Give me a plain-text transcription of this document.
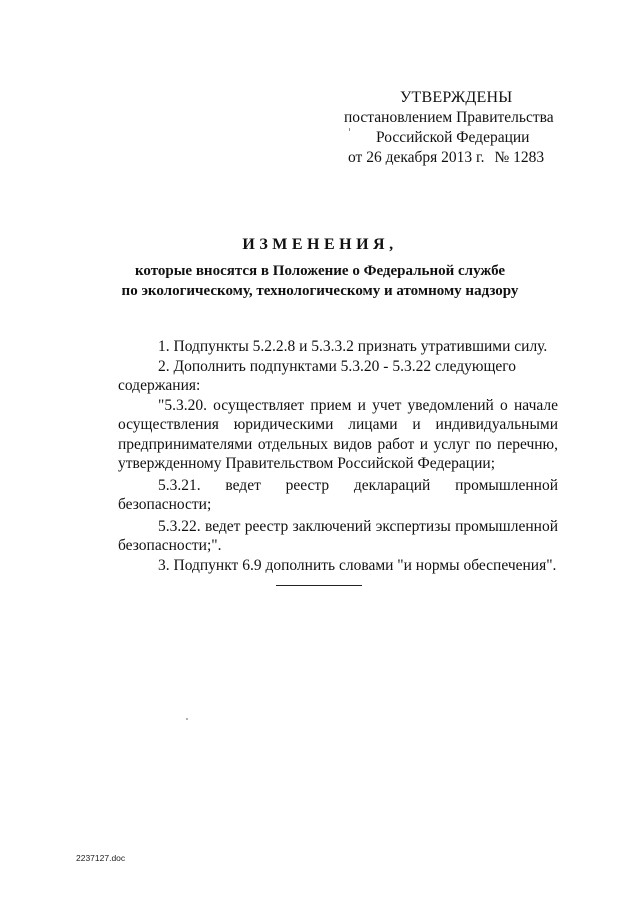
УТВЕРЖДЕНЫ
постановлением Правительства
Российской Федерации
от 26 декабря 2013 г. № 1283
ИЗМЕНЕНИЯ,
которые вносятся в Положение о Федеральной службе
по экологическому, технологическому и атомному надзору

1. Подпункты 5.2.2.8 и 5.3.3.2 признать утратившими силу.

2. Дополнить подпунктами 5.3.20 - 5.3.22 следующего содержания:

"5.3.20. осуществляет прием и учет уведомлений о начале осуществления юридическими лицами и индивидуальными предпринимателями отдельных видов работ и услуг по перечню, утвержденному Правительством Российской Федерации;

5.3.21. ведет реестр деклараций промышленной безопасности;

5.3.22. ведет реестр заключений экспертизы промышленной безопасности;".

3. Подпункт 6.9 дополнить словами "и нормы обеспечения".

2237127.doc
